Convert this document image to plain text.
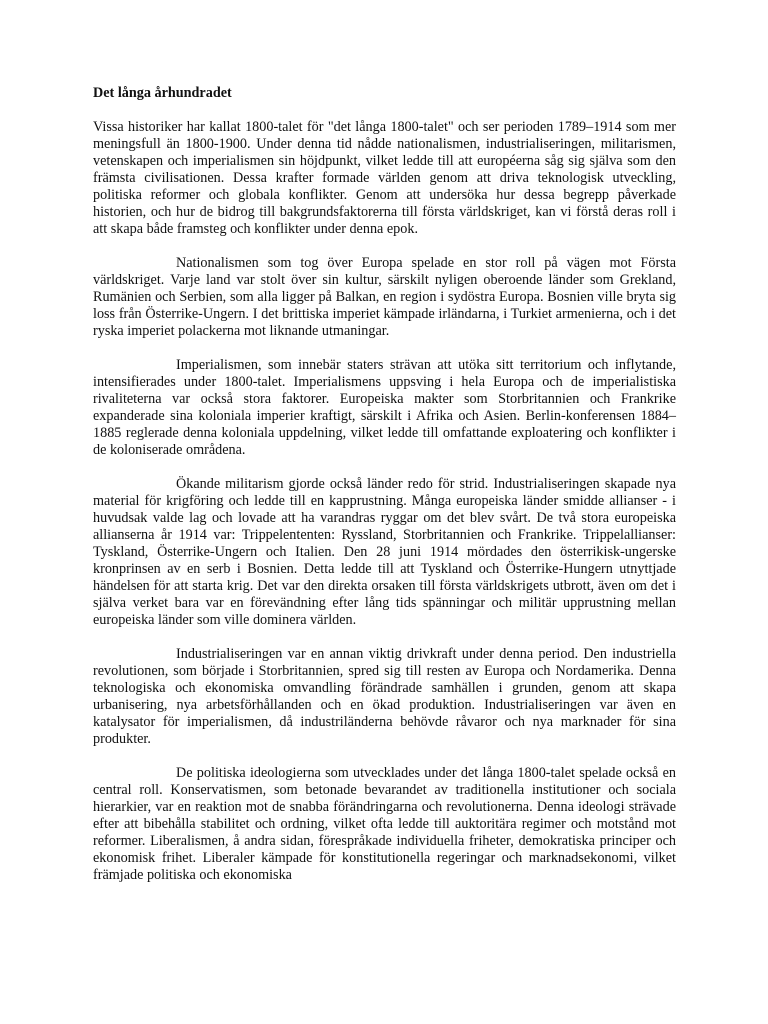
Det långa århundradet

Vissa historiker har kallat 1800-talet för "det långa 1800-talet" och ser perioden 1789–1914 som mer meningsfull än 1800-1900. Under denna tid nådde nationalismen, industrialiseringen, militarismen, vetenskapen och imperialismen sin höjdpunkt, vilket ledde till att européerna såg sig själva som den främsta civilisationen. Dessa krafter formade världen genom att driva teknologisk utveckling, politiska reformer och globala konflikter. Genom att undersöka hur dessa begrepp påverkade historien, och hur de bidrog till bakgrundsfaktorerna till första världskriget, kan vi förstå deras roll i att skapa både framsteg och konflikter under denna epok.

Nationalismen som tog över Europa spelade en stor roll på vägen mot Första världskriget. Varje land var stolt över sin kultur, särskilt nyligen oberoende länder som Grekland, Rumänien och Serbien, som alla ligger på Balkan, en region i sydöstra Europa. Bosnien ville bryta sig loss från Österrike-Ungern. I det brittiska imperiet kämpade irländarna, i Turkiet armenierna, och i det ryska imperiet polackerna mot liknande utmaningar.

Imperialismen, som innebär staters strävan att utöka sitt territorium och inflytande, intensifierades under 1800-talet. Imperialismens uppsving i hela Europa och de imperialistiska rivaliteterna var också stora faktorer. Europeiska makter som Storbritannien och Frankrike expanderade sina koloniala imperier kraftigt, särskilt i Afrika och Asien. Berlin-konferensen 1884–1885 reglerade denna koloniala uppdelning, vilket ledde till omfattande exploatering och konflikter i de koloniserade områdena.

Ökande militarism gjorde också länder redo för strid. Industrialiseringen skapade nya material för krigföring och ledde till en kapprustning. Många europeiska länder smidde allianser - i huvudsak valde lag och lovade att ha varandras ryggar om det blev svårt. De två stora europeiska allianserna år 1914 var: Trippelententen: Ryssland, Storbritannien och Frankrike. Trippelallianser: Tyskland, Österrike-Ungern och Italien. Den 28 juni 1914 mördades den österrikisk-ungerske kronprinsen av en serb i Bosnien. Detta ledde till att Tyskland och Österrike-Hungern utnyttjade händelsen för att starta krig. Det var den direkta orsaken till första världskrigets utbrott, även om det i själva verket bara var en förevändning efter lång tids spänningar och militär upprustning mellan europeiska länder som ville dominera världen.

Industrialiseringen var en annan viktig drivkraft under denna period. Den industriella revolutionen, som började i Storbritannien, spred sig till resten av Europa och Nordamerika. Denna teknologiska och ekonomiska omvandling förändrade samhällen i grunden, genom att skapa urbanisering, nya arbetsförhållanden och en ökad produktion. Industrialiseringen var även en katalysator för imperialismen, då industriländerna behövde råvaror och nya marknader för sina produkter.

De politiska ideologierna som utvecklades under det långa 1800-talet spelade också en central roll. Konservatismen, som betonade bevarandet av traditionella institutioner och sociala hierarkier, var en reaktion mot de snabba förändringarna och revolutionerna. Denna ideologi strävade efter att bibehålla stabilitet och ordning, vilket ofta ledde till auktoritära regimer och motstånd mot reformer. Liberalismen, å andra sidan, förespråkade individuella friheter, demokratiska principer och ekonomisk frihet. Liberaler kämpade för konstitutionella regeringar och marknadsekonomi, vilket främjade politiska och ekonomiska
